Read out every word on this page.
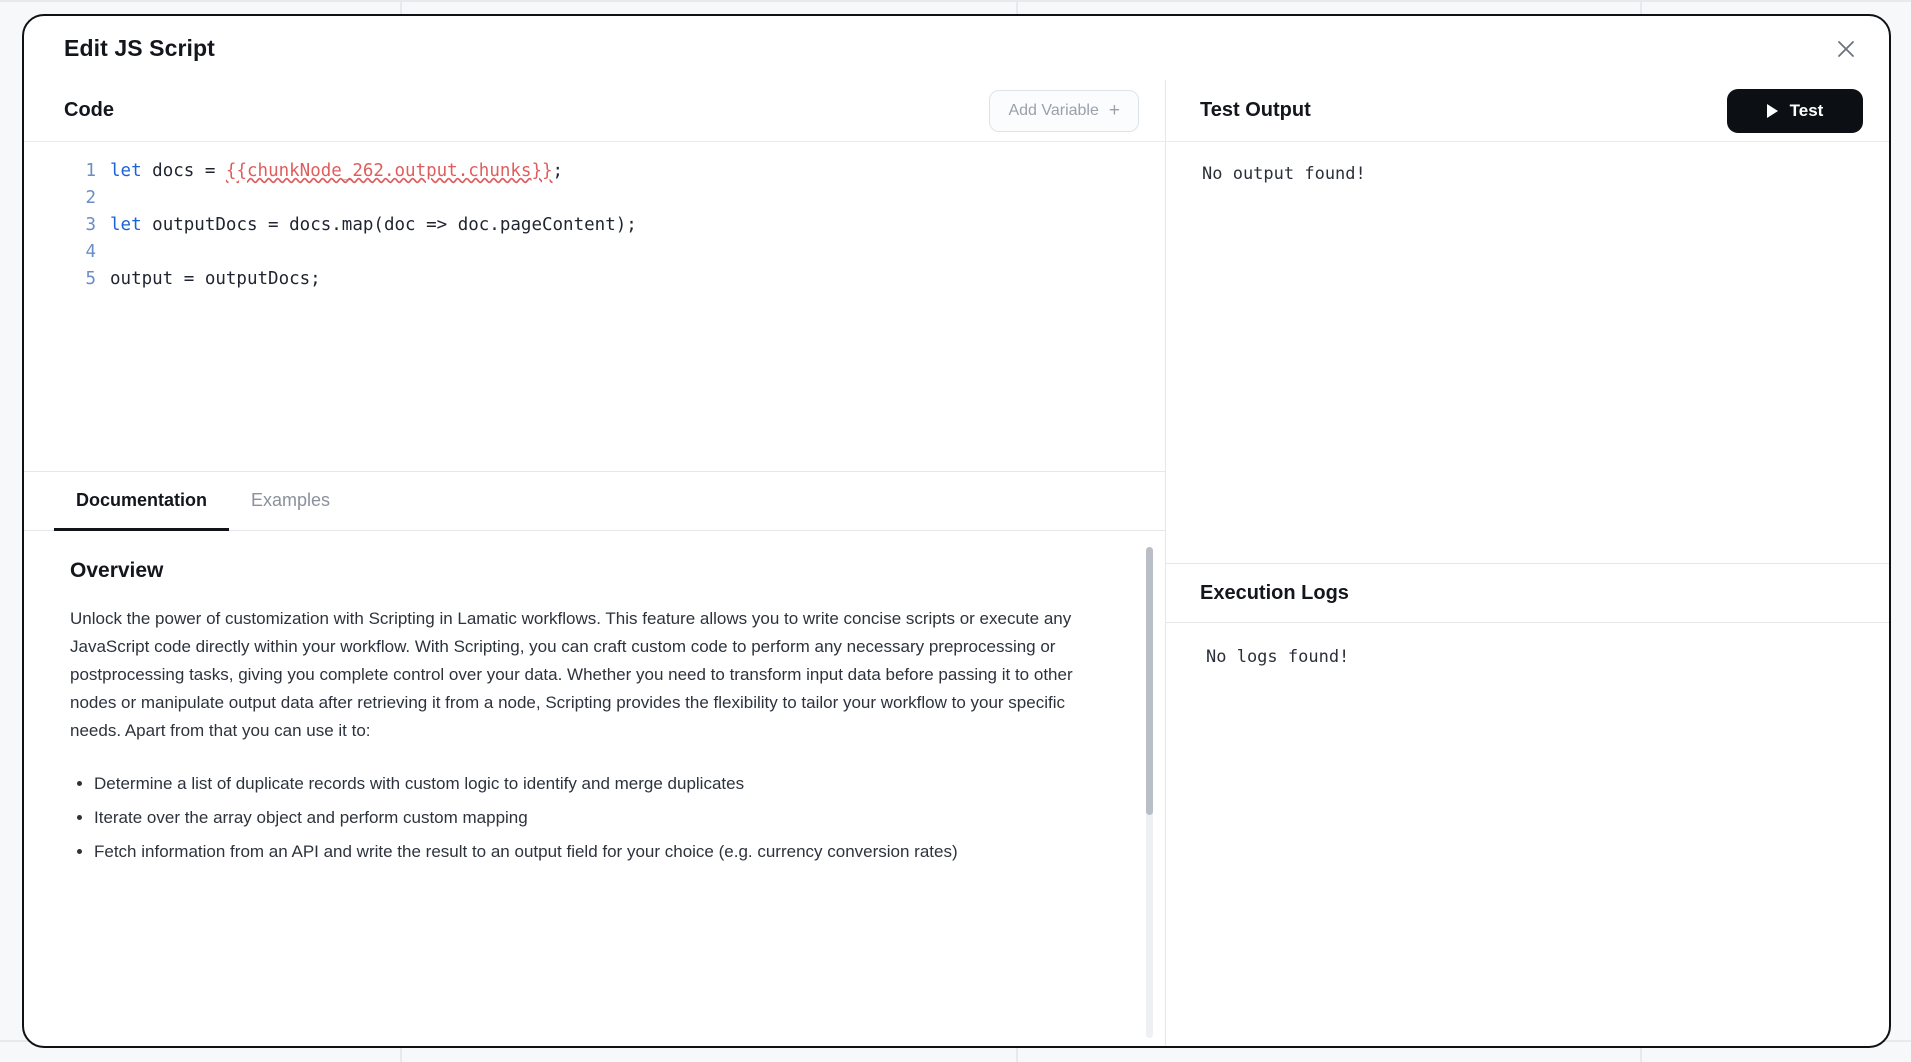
Edit JS Script
Code	Add Variable +
1 let docs = {{chunkNode_262.output.chunks}};
2
3 let outputDocs = docs.map(doc => doc.pageContent);
4
5 output = outputDocs;
Documentation Examples
Overview

Unlock the power of customization with Scripting in Lamatic workflows. This feature allows you to write concise scripts or execute any JavaScript code directly within your workflow. With Scripting, you can craft custom code to perform any necessary preprocessing or postprocessing tasks, giving you complete control over your data. Whether you need to transform input data before passing it to other nodes or manipulate output data after retrieving it from a node, Scripting provides the flexibility to tailor your workflow to your specific needs. Apart from that you can use it to:

• Determine a list of duplicate records with custom logic to identify and merge duplicates
• Iterate over the array object and perform custom mapping
• Fetch information from an API and write the result to an output field for your choice (e.g. currency conversion rates)
Test Output	Test
No output found!
Execution Logs
No logs found!
